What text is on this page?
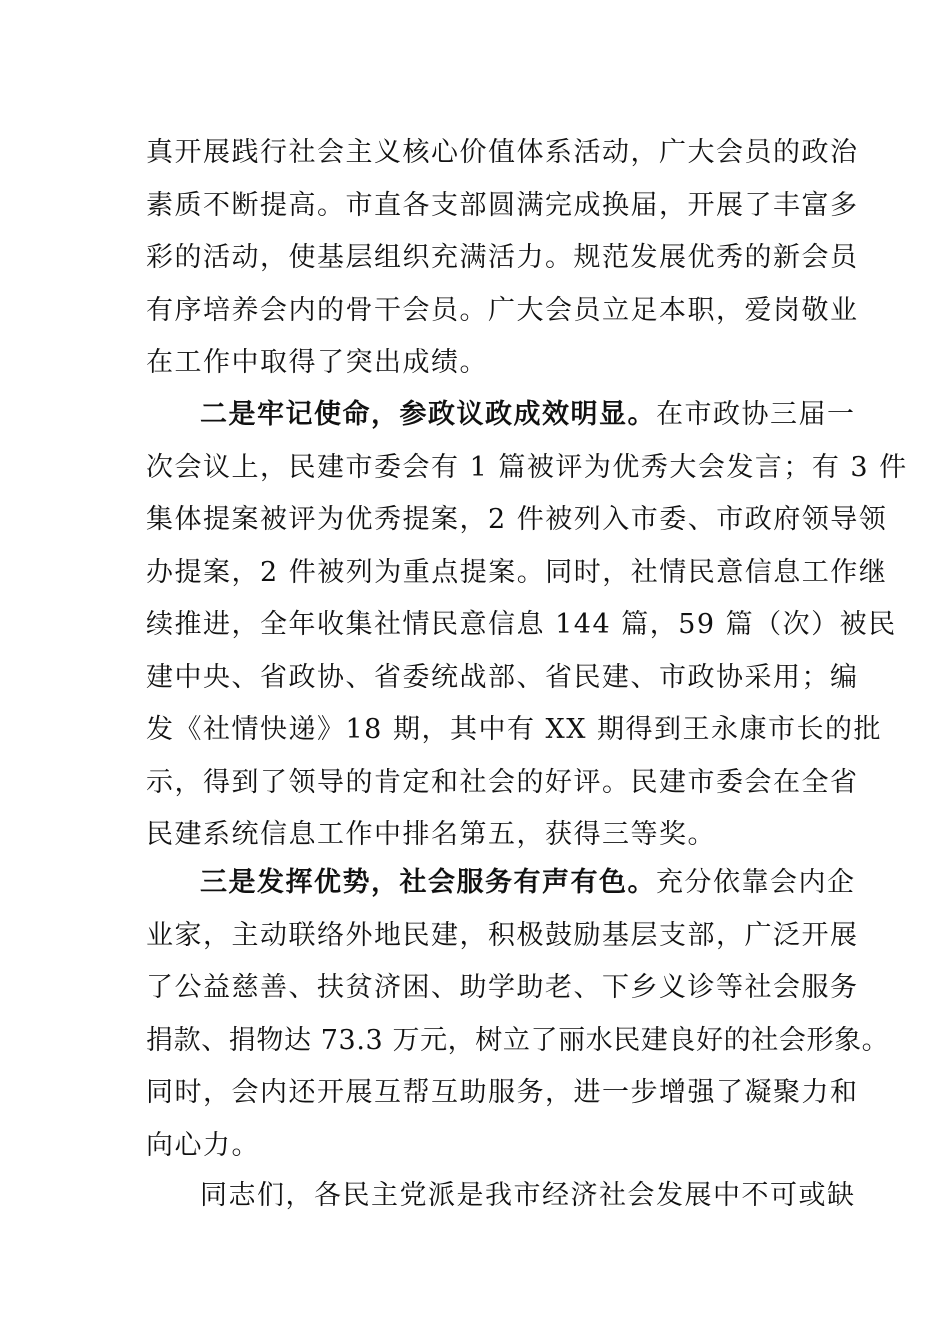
真开展践行社会主义核心价值体系活动，广大会员的政治
素质不断提高。市直各支部圆满完成换届，开展了丰富多
彩的活动，使基层组织充满活力。规范发展优秀的新会员
有序培养会内的骨干会员。广大会员立足本职，爱岗敬业
在工作中取得了突出成绩。
二是牢记使命，参政议政成效明显。在市政协三届一
次会议上，民建市委会有 1 篇被评为优秀大会发言；有 3 件
集体提案被评为优秀提案，2 件被列入市委、市政府领导领
办提案，2 件被列为重点提案。同时，社情民意信息工作继
续推进，全年收集社情民意信息 144 篇，59 篇（次）被民
建中央、省政协、省委统战部、省民建、市政协采用；编
发《社情快递》18 期，其中有 XX 期得到王永康市长的批
示，得到了领导的肯定和社会的好评。民建市委会在全省
民建系统信息工作中排名第五，获得三等奖。
三是发挥优势，社会服务有声有色。充分依靠会内企
业家，主动联络外地民建，积极鼓励基层支部，广泛开展
了公益慈善、扶贫济困、助学助老、下乡义诊等社会服务
捐款、捐物达 73.3 万元，树立了丽水民建良好的社会形象。
同时，会内还开展互帮互助服务，进一步增强了凝聚力和
向心力。
同志们，各民主党派是我市经济社会发展中不可或缺
